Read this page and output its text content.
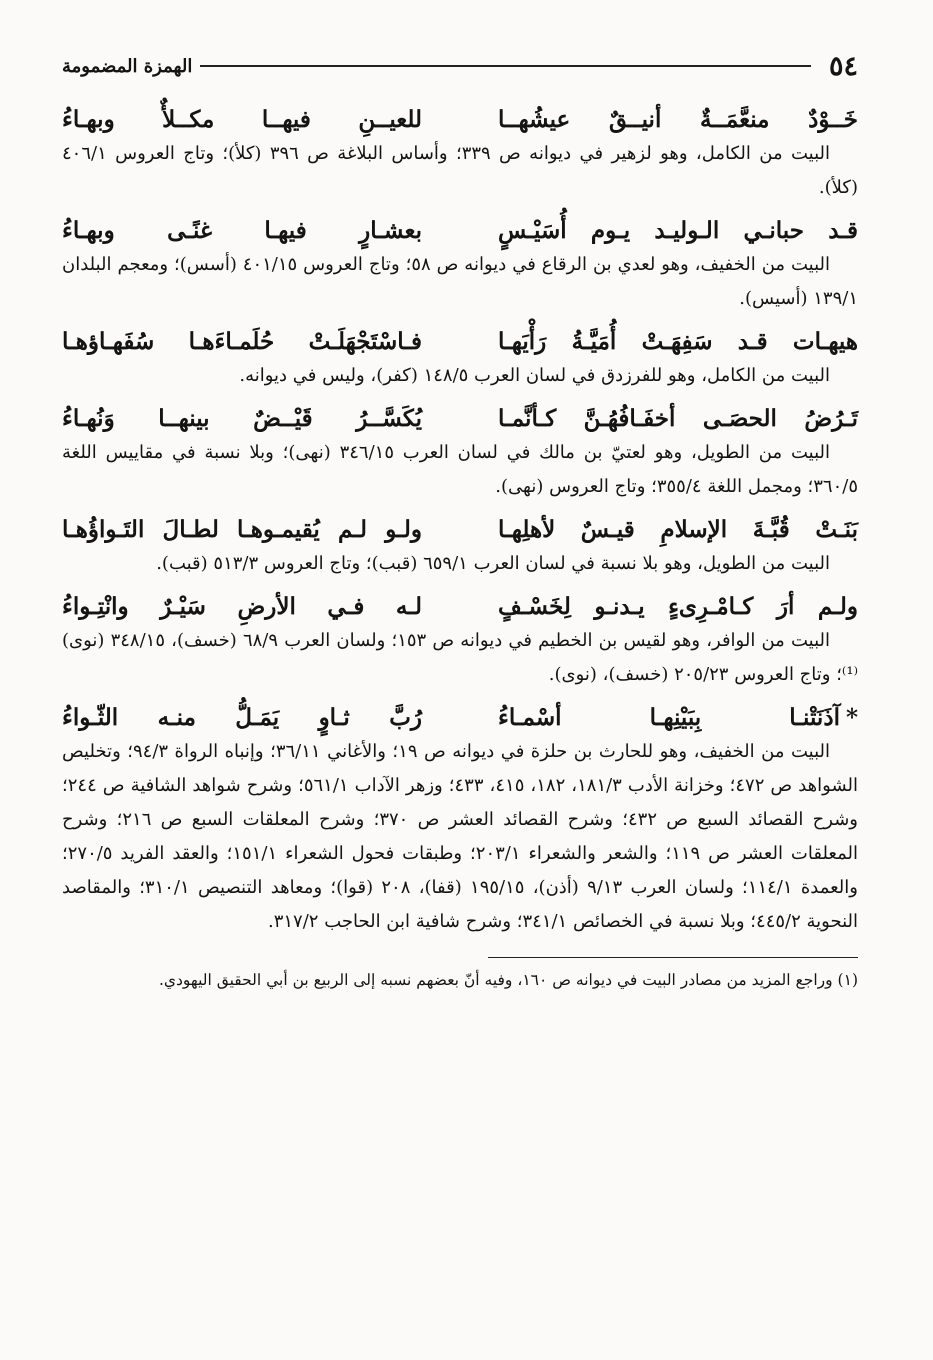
٥٤
الهمزة المضمومة
خَــوْدٌ منعَّمَــةٌ أنيــقٌ عيشُهــا
للعيــنِ فيهــا مكــلأٌ وبهـاءُ
البيت من الكامل، وهو لزهير في ديوانه ص ٣٣٩؛ وأساس البلاغة ص ٣٩٦ (كلأ)؛ وتاج العروس ٤٠٦/١ (كلأ).
قـد حبانـي الـوليـد يـوم أُسَيْـسٍ
بعشـارٍ فيهـا غنًـى وبهـاءُ
البيت من الخفيف، وهو لعدي بن الرقاع في ديوانه ص ٥٨؛ وتاج العروس ٤٠١/١٥ (أسس)؛ ومعجم البلدان ١٣٩/١ (أسيس).
هيهـات قـد سَفِهَـتْ أُمَيَّـةُ رَأْيَهـا
فـاسْتَجْهَلَـتْ حُلَمـاءَهـا سُفَهـاؤهـا
البيت من الكامل، وهو للفرزدق في لسان العرب ١٤٨/٥ (كفر)، وليس في ديوانه.
تَـرُضُ الحصَـى أخفَـافُهُـنَّ كـأنَّمـا
يُكَسَّــرُ قَيْــضٌ بينهــا وَنُهـاءُ
البيت من الطويل، وهو لعتيّ بن مالك في لسان العرب ٣٤٦/١٥ (نهى)؛ وبلا نسبة في مقاييس اللغة ٣٦٠/٥؛ ومجمل اللغة ٣٥٥/٤؛ وتاج العروس (نهى).
بَنَـتْ قُبَّـةَ الإسلامِ قيـسٌ لأهلِهـا
ولـو لـم يُقيمـوهـا لطـالَ التَـواؤُهـا
البيت من الطويل، وهو بلا نسبة في لسان العرب ٦٥٩/١ (قبب)؛ وتاج العروس ٥١٣/٣ (قبب).
ولـم أرَ كـامْـرِىءٍ يـدنـو لِخَسْـفٍ
لـه فـي الأرضِ سَيْـرٌ وانْتِـواءُ
البيت من الوافر، وهو لقيس بن الخطيم في ديوانه ص ١٥٣؛ ولسان العرب ٦٨/٩ (خسف)، ٣٤٨/١٥ (نوى)⁽¹⁾؛ وتاج العروس ٢٠٥/٢٣ (خسف)، (نوى).
*آذَنَتْنـا بِبَيْنِهـا أسْمـاءُ
رُبَّ ثـاوٍ يَمَـلُّ منـه الثّـواءُ
البيت من الخفيف، وهو للحارث بن حلزة في ديوانه ص ١٩؛ والأغاني ٣٦/١١؛ وإنباه الرواة ٩٤/٣؛ وتخليص الشواهد ص ٤٧٢؛ وخزانة الأدب ١٨١/٣، ١٨٢، ٤١٥، ٤٣٣؛ وزهر الآداب ٥٦١/١؛ وشرح شواهد الشافية ص ٢٤٤؛ وشرح القصائد السبع ص ٤٣٢؛ وشرح القصائد العشر ص ٣٧٠؛ وشرح المعلقات السبع ص ٢١٦؛ وشرح المعلقات العشر ص ١١٩؛ والشعر والشعراء ٢٠٣/١؛ وطبقات فحول الشعراء ١٥١/١؛ والعقد الفريد ٢٧٠/٥؛ والعمدة ١١٤/١؛ ولسان العرب ٩/١٣ (أذن)، ١٩٥/١٥ (قفا)، ٢٠٨ (قوا)؛ ومعاهد التنصيص ٣١٠/١؛ والمقاصد النحوية ٤٤٥/٢؛ وبلا نسبة في الخصائص ٣٤١/١؛ وشرح شافية ابن الحاجب ٣١٧/٢.
(١) وراجع المزيد من مصادر البيت في ديوانه ص ١٦٠، وفيه أنّ بعضهم نسبه إلى الربيع بن أبي الحقيق اليهودي.
